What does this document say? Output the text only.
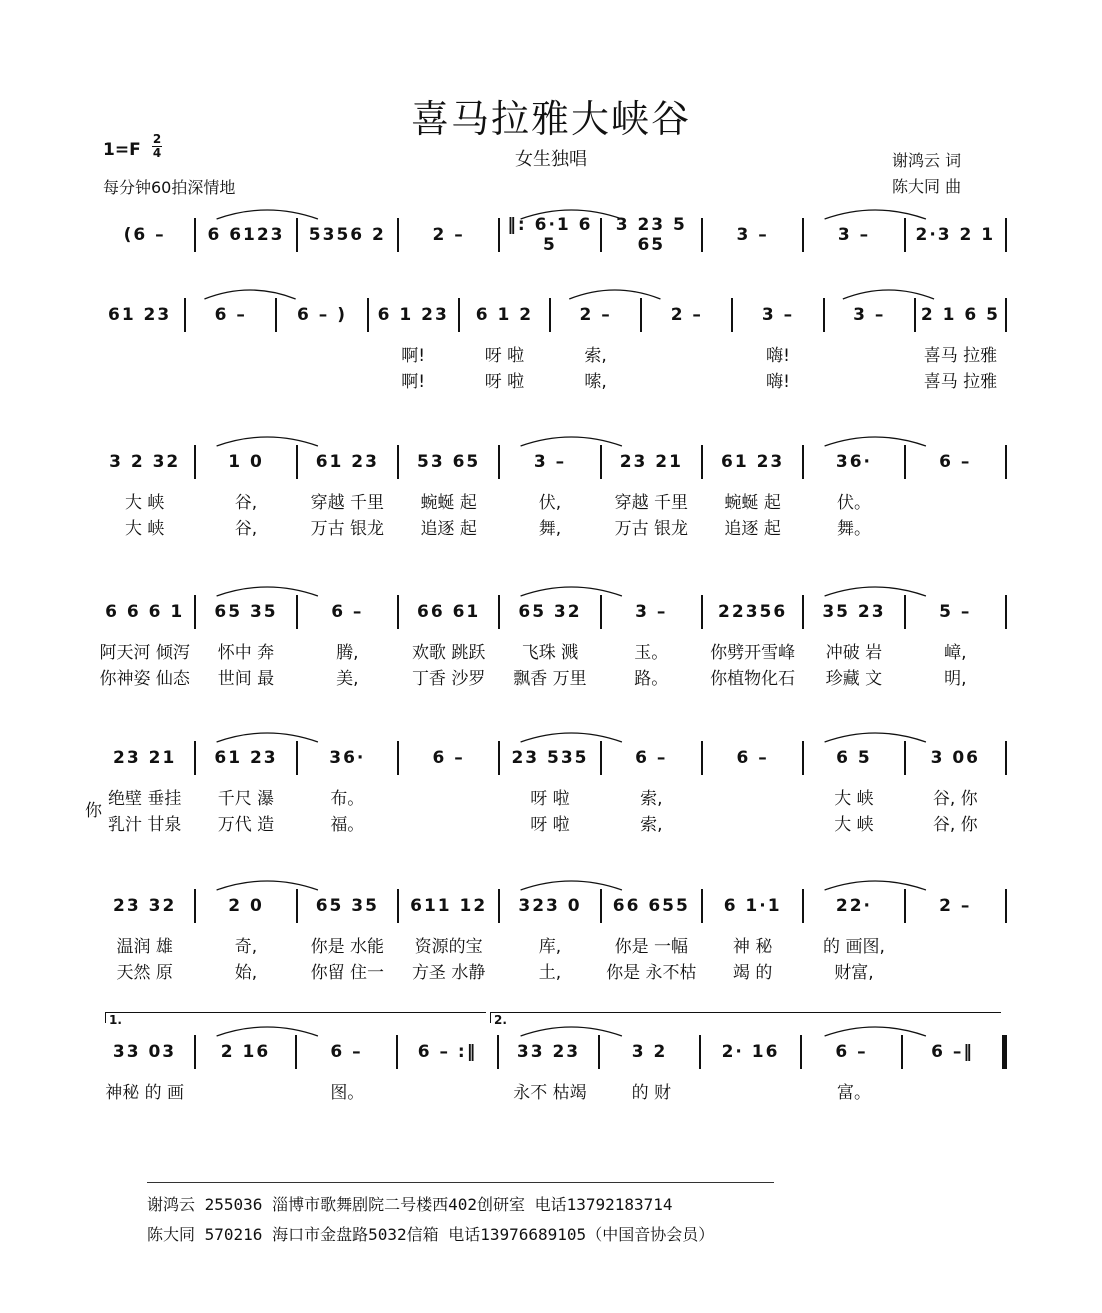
喜马拉雅大峡谷
女生独唱
1=F
2
4
每分钟60拍深情地
谢鸿云 词
陈大同 曲
(6 –	6 6123	5356 2	2 –	‖: 6·1 6 5
3 23 5 65	3 –	3 –	2·3 2 1
61 23	6 –	6 – )	6 1 23	6 1 2	2 –	2 –	3 –	3 –	2 1 6 5
啊!	呀 啦	索,	嗨!	喜马 拉雅
啊!	呀 啦	嗦,	嗨!	喜马 拉雅
3 2 32	1 0	61 23	53 65	3 –	23 21	61 23	36·	6 –
大 峡	谷,	穿越 千里	蜿蜒 起	伏,	穿越 千里	蜿蜒 起	伏。
大 峡	谷,	万古 银龙	追逐 起	舞,	万古 银龙	追逐 起	舞。
6 6 6 1	65 35	6 –	66 61	65 32	3 –	22356	35 23	5 –
阿天河 倾泻	怀中 奔	腾,	欢歌 跳跃	飞珠 溅	玉。	你劈开雪峰	冲破 岩	嶂,
你神姿 仙态	世间 最	美,	丁香 沙罗	飘香 万里	路。	你植物化石	珍藏 文	明,
23 21	61 23	36·	6 –	23 535	6 –	6 –	6 5	3 06
绝壁 垂挂	千尺 瀑	布。	呀 啦	索,	大 峡	谷, 你
乳汁 甘泉	万代 造	福。	呀 啦	索,	大 峡	谷, 你
你
23 32	2 0	65 35	611 12	323 0	66 655	6 1·1	22·	2 –
温润 雄	奇,	你是 水能	资源的宝	库,	你是 一幅	神 秘	的 画图,
天然 原	始,	你留 住一	方圣 水静	土,	你是 永不枯	竭 的	财富,
33 03	2 16	6 –	6 – :‖	33 23	3 2	2· 16	6 –	6 –‖
神秘 的 画	图。	永不 枯竭	的 财	富。
1.	2.
谢鸿云 255036 淄博市歌舞剧院二号楼西402创研室 电话13792183714
陈大同 570216 海口市金盘路5032信箱 电话13976689105（中国音协会员）
